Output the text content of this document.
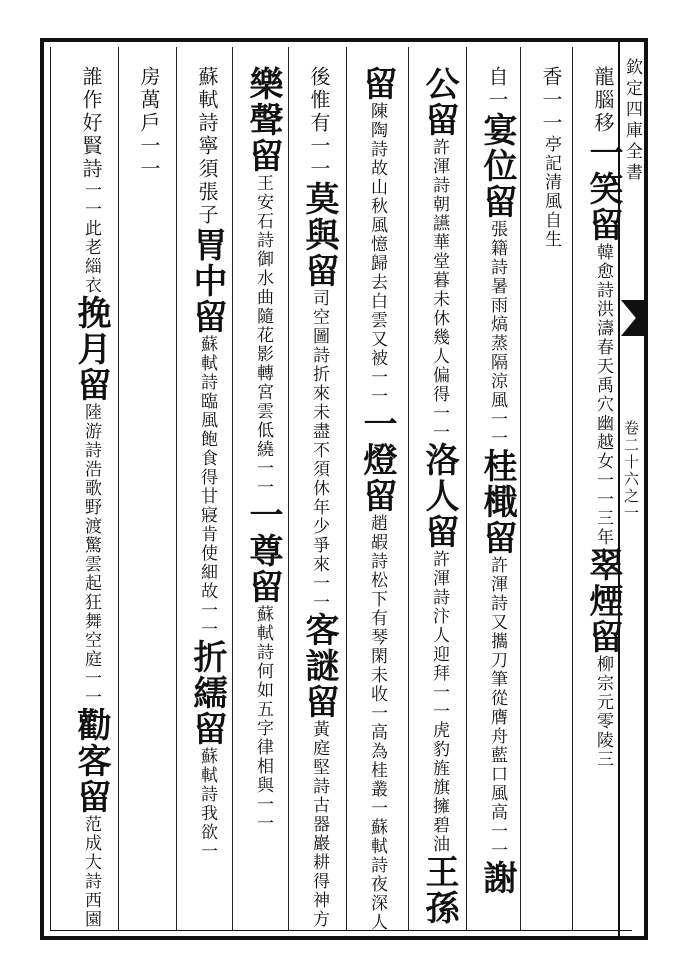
欽定四庫全書
卷二十六之一
龍腦移一笑留韓愈詩洪濤春天禹穴幽越女一一三年翠煙留柳宗元零陵三
香一一亭記清風自生
自一宴位留張籍詩暑雨熇蒸隔涼風一一桂檝留許渾詩又攜刀筆從膺舟藍口風高一一謝
公留許渾詩朝讌華堂暮未休幾人偏得一一洛人留許渾詩汴人迎拜一一虎豹旌旗擁碧油王孫
留陳陶詩故山秋風憶歸去白雲又被一一一燈留趙嘏詩松下有琴閑未收一高為桂叢一蘇軾詩夜深人
後惟有一一莫與留司空圖詩折來未盡不須休年少爭來一一客謎留黃庭堅詩古器巖耕得神方
樂聲留王安石詩御水曲隨花影轉宮雲低繞一一一尊留蘇軾詩何如五字律相與一一
蘇軾詩寧須張子胃中留蘇軾詩臨風飽食得甘寢肯使細故一一折繻留蘇軾詩我欲一
房萬戶一一
誰作好賢詩一一此老緇衣挽月留陸游詩浩歌野渡驚雲起狂舞空庭一一勸客留范成大詩西園
